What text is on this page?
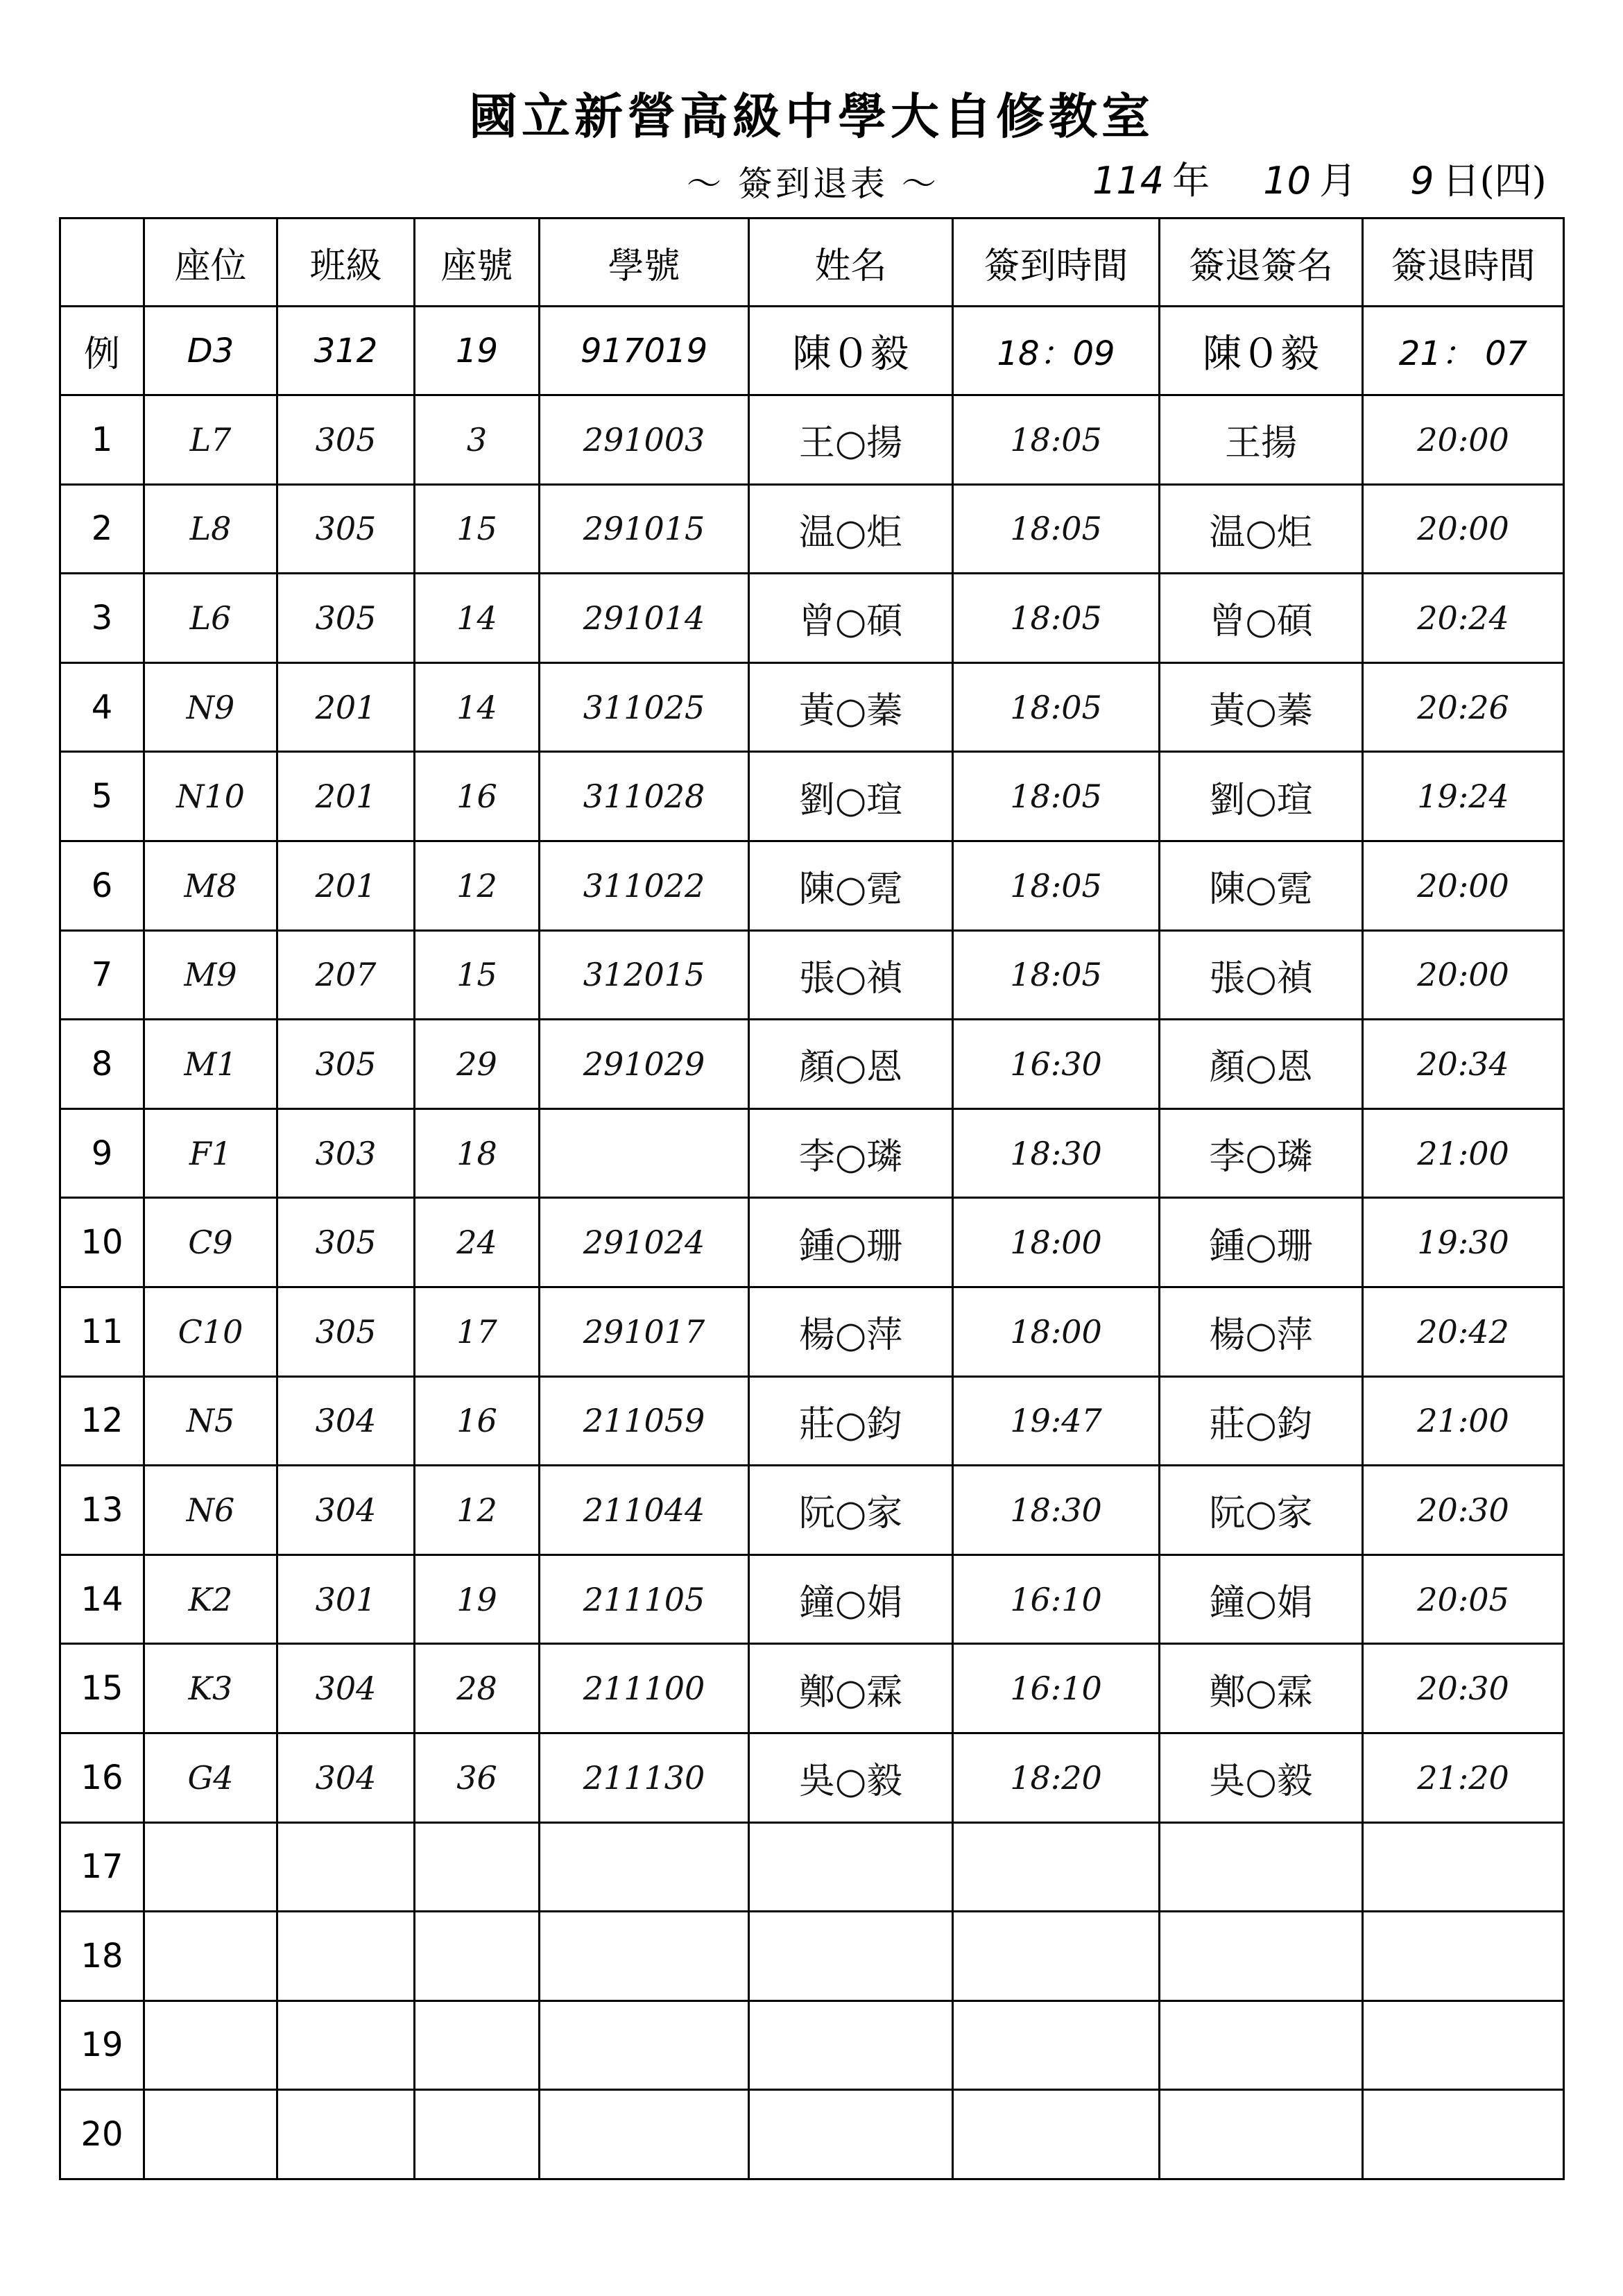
國立新營高級中學大自修教室
～ 簽到退表 ～	114 年 10 月 9 日(四)
	座位	班級	座號	學號	姓名	簽到時間	簽退簽名	簽退時間
例	D3	312	19	917019	陳０毅	18：09	陳０毅	21： 07
1	L7	305	3	291003	王○揚	18:05	王揚	20:00
2	L8	305	15	291015	温○炬	18:05	温○炬	20:00
3	L6	305	14	291014	曾○碩	18:05	曾○碩	20:24
4	N9	201	14	311025	黃○蓁	18:05	黃○蓁	20:26
5	N10	201	16	311028	劉○瑄	18:05	劉○瑄	19:24
6	M8	201	12	311022	陳○霓	18:05	陳○霓	20:00
7	M9	207	15	312015	張○禎	18:05	張○禎	20:00
8	M1	305	29	291029	顏○恩	16:30	顏○恩	20:34
9	F1	303	18		李○璘	18:30	李○璘	21:00
10	C9	305	24	291024	鍾○珊	18:00	鍾○珊	19:30
11	C10	305	17	291017	楊○萍	18:00	楊○萍	20:42
12	N5	304	16	211059	莊○鈞	19:47	莊○鈞	21:00
13	N6	304	12	211044	阮○家	18:30	阮○家	20:30
14	K2	301	19	211105	鐘○娟	16:10	鐘○娟	20:05
15	K3	304	28	211100	鄭○霖	16:10	鄭○霖	20:30
16	G4	304	36	211130	吳○毅	18:20	吳○毅	21:20
17								
18								
19								
20								
